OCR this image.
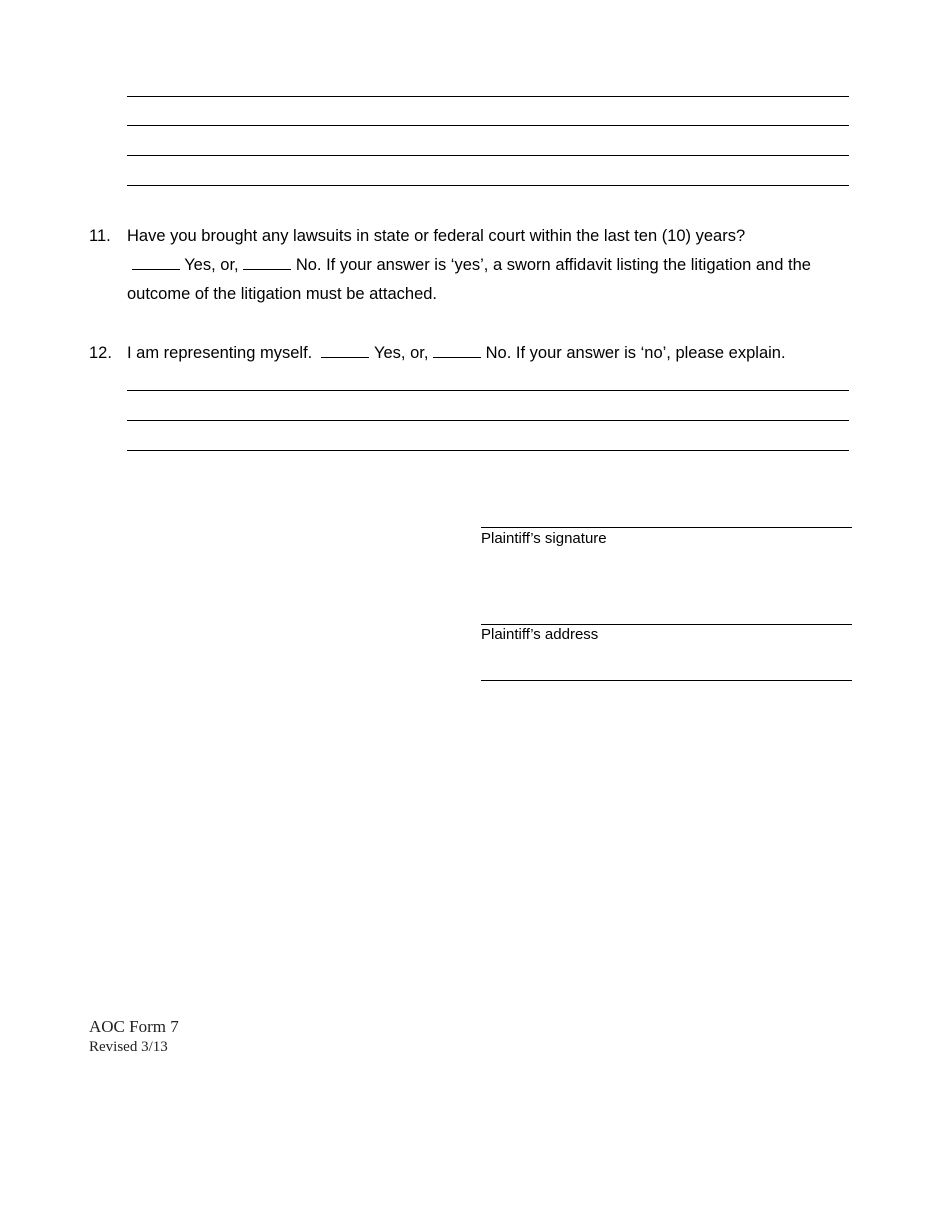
11. Have you brought any lawsuits in state or federal court within the last ten (10) years?
Yes, or,	No. If your answer is ‘yes’, a sworn affidavit listing the litigation and the
outcome of the litigation must be attached.
12. I am representing myself.	Yes, or,	No. If your answer is ‘no’, please explain.
Plaintiff’s signature
Plaintiff’s address
AOC Form 7
Revised 3/13
